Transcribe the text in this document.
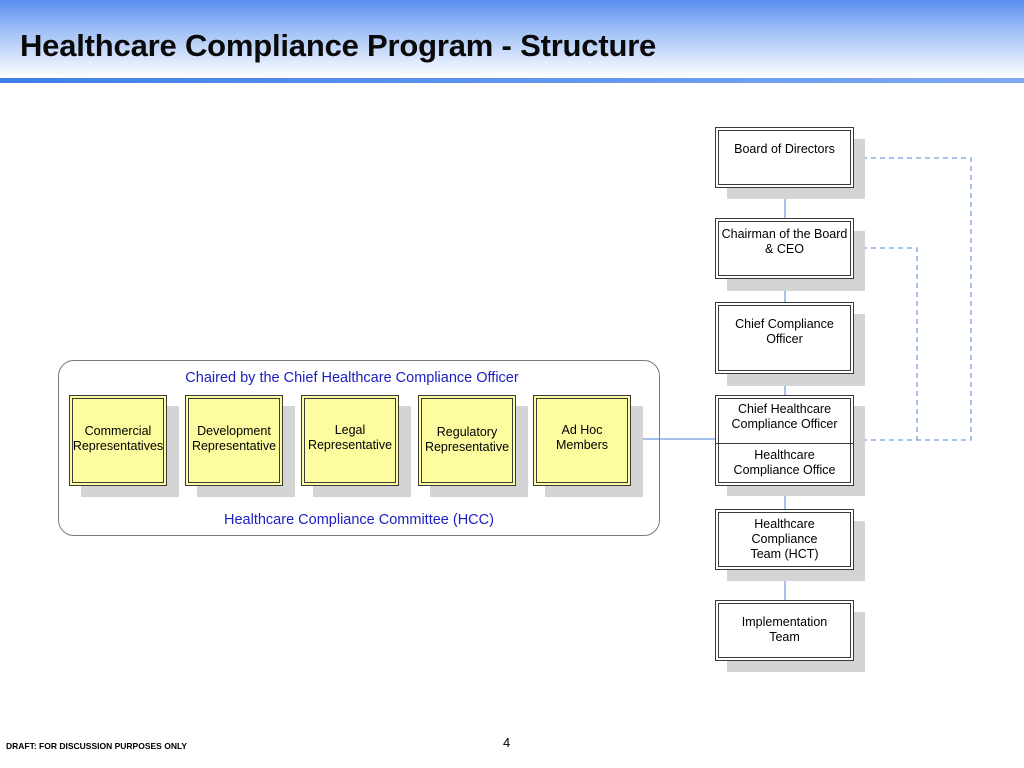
Healthcare Compliance Program - Structure
Chaired by the Chief Healthcare Compliance Officer
Healthcare Compliance Committee (HCC)
Commercial
Representatives
Development
Representative
Legal
Representative
Regulatory
Representative
Ad Hoc
Members
Board of Directors
Chairman of the Board
& CEO
Chief Compliance
Officer
Chief Healthcare
Compliance Officer
Healthcare
Compliance Office
Healthcare
Compliance
Team (HCT)
Implementation
Team
DRAFT: FOR DISCUSSION PURPOSES ONLY	4
